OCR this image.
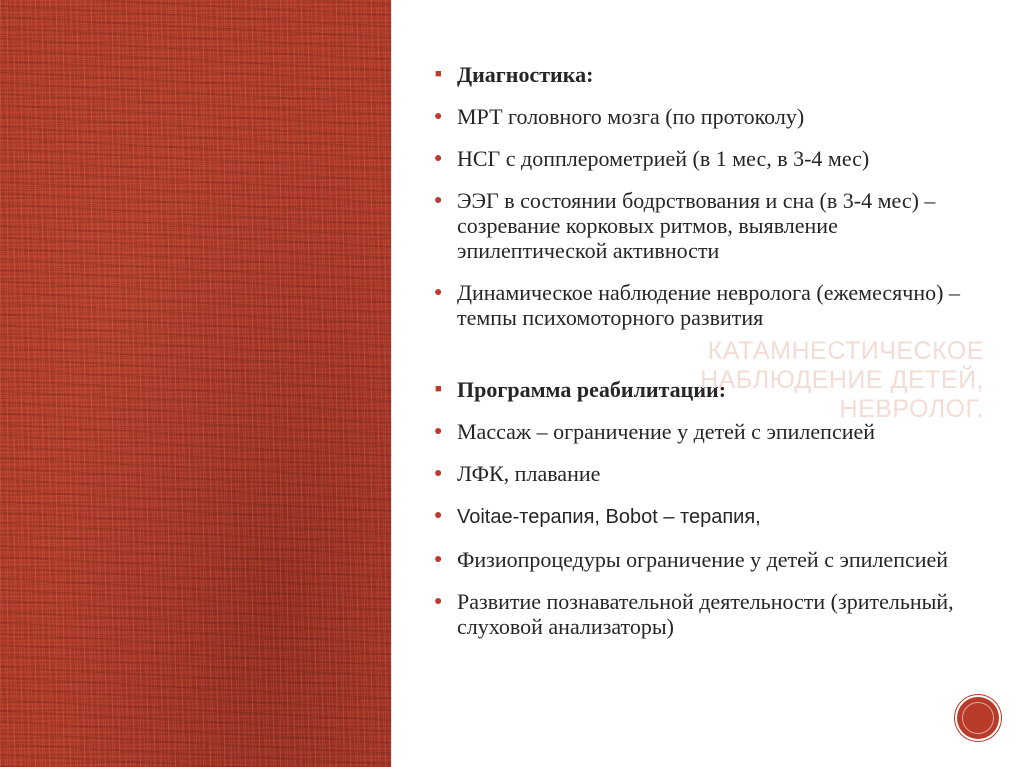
КАТАМНЕСТИЧЕСКОЕ НАБЛЮДЕНИЕ ДЕТЕЙ, НЕВРОЛОГ.
■ Диагностика:
● МРТ головного мозга (по протоколу)
● НСГ с допплерометрией (в 1 мес, в 3-4 мес)
● ЭЭГ в состоянии бодрствования и сна (в 3-4 мес) – созревание корковых ритмов, выявление эпилептической активности
● Динамическое наблюдение невролога (ежемесячно) – темпы психомоторного развития
■ Программа реабилитации:
● Массаж – ограничение у детей с эпилепсией
● ЛФК, плавание
● Voitae-терапия, Bobot – терапия,
● Физиопроцедуры ограничение у детей с эпилепсией
● Развитие познавательной деятельности (зрительный, слуховой анализаторы)
